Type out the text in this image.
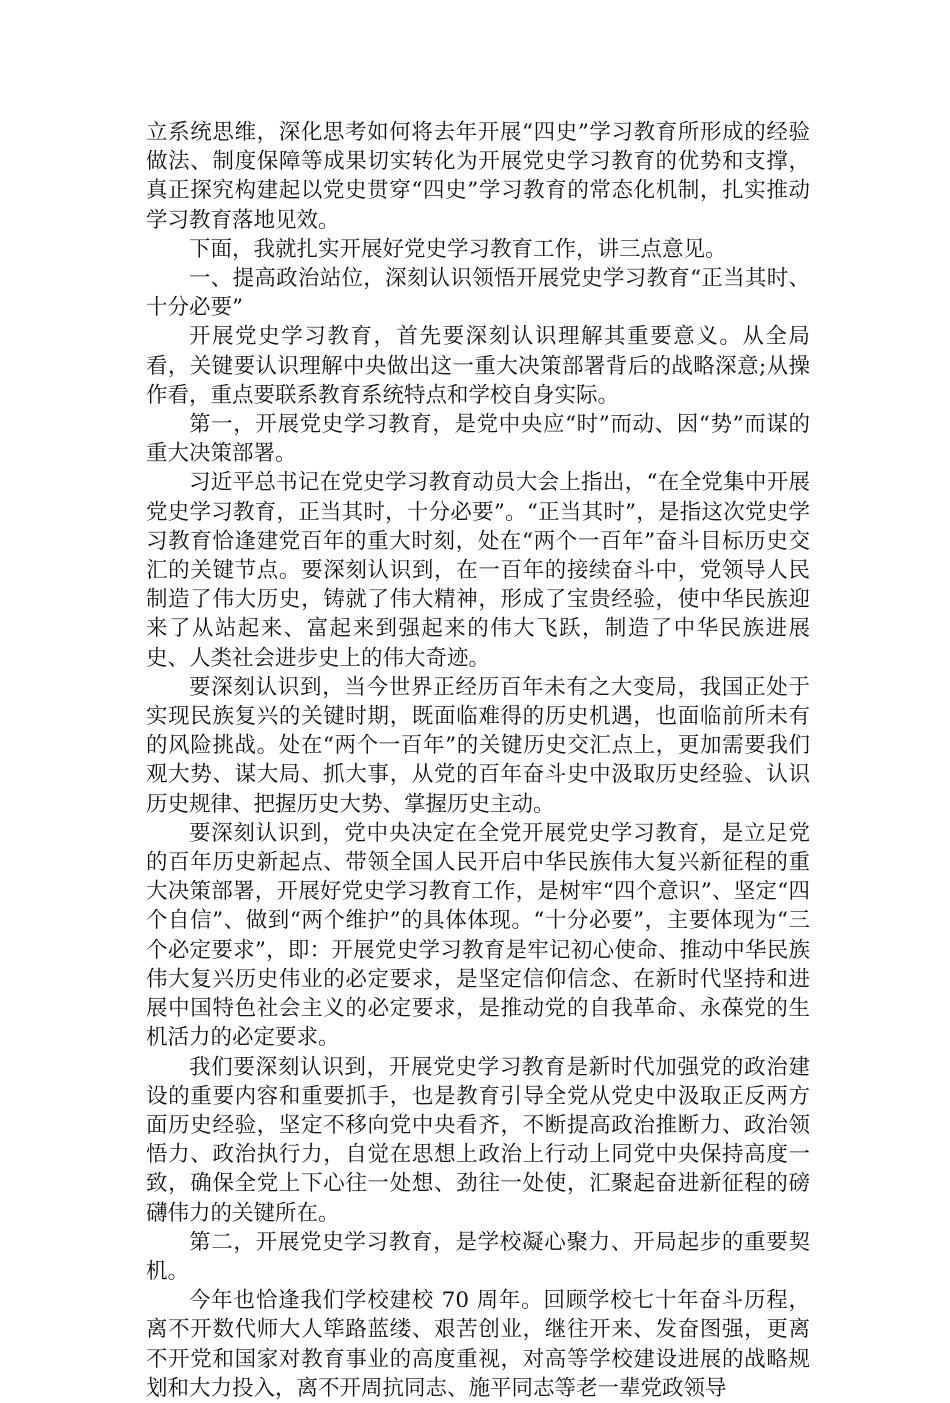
立系统思维，深化思考如何将去年开展“四史”学习教育所形成的经验做法、制度保障等成果切实转化为开展党史学习教育的优势和支撑，真正探究构建起以党史贯穿“四史”学习教育的常态化机制，扎实推动学习教育落地见效。

下面，我就扎实开展好党史学习教育工作，讲三点意见。

一、提高政治站位，深刻认识领悟开展党史学习教育“正当其时、十分必要”

开展党史学习教育，首先要深刻认识理解其重要意义。从全局看，关键要认识理解中央做出这一重大决策部署背后的战略深意;从操作看，重点要联系教育系统特点和学校自身实际。

第一，开展党史学习教育，是党中央应“时”而动、因“势”而谋的重大决策部署。

习近平总书记在党史学习教育动员大会上指出，“在全党集中开展党史学习教育，正当其时，十分必要”。“正当其时”，是指这次党史学习教育恰逢建党百年的重大时刻，处在“两个一百年”奋斗目标历史交汇的关键节点。要深刻认识到，在一百年的接续奋斗中，党领导人民制造了伟大历史，铸就了伟大精神，形成了宝贵经验，使中华民族迎来了从站起来、富起来到强起来的伟大飞跃，制造了中华民族进展史、人类社会进步史上的伟大奇迹。

要深刻认识到，当今世界正经历百年未有之大变局，我国正处于实现民族复兴的关键时期，既面临难得的历史机遇，也面临前所未有的风险挑战。处在“两个一百年”的关键历史交汇点上，更加需要我们观大势、谋大局、抓大事，从党的百年奋斗史中汲取历史经验、认识历史规律、把握历史大势、掌握历史主动。

要深刻认识到，党中央决定在全党开展党史学习教育，是立足党的百年历史新起点、带领全国人民开启中华民族伟大复兴新征程的重大决策部署，开展好党史学习教育工作，是树牢“四个意识”、坚定“四个自信”、做到“两个维护”的具体体现。“十分必要”，主要体现为“三个必定要求”，即：开展党史学习教育是牢记初心使命、推动中华民族伟大复兴历史伟业的必定要求，是坚定信仰信念、在新时代坚持和进展中国特色社会主义的必定要求，是推动党的自我革命、永葆党的生机活力的必定要求。

我们要深刻认识到，开展党史学习教育是新时代加强党的政治建设的重要内容和重要抓手，也是教育引导全党从党史中汲取正反两方面历史经验，坚定不移向党中央看齐，不断提高政治推断力、政治领悟力、政治执行力，自觉在思想上政治上行动上同党中央保持高度一致，确保全党上下心往一处想、劲往一处使，汇聚起奋进新征程的磅礴伟力的关键所在。

第二，开展党史学习教育，是学校凝心聚力、开局起步的重要契机。

今年也恰逢我们学校建校 70 周年。回顾学校七十年奋斗历程，离不开数代师大人筚路蓝缕、艰苦创业，继往开来、发奋图强，更离不开党和国家对教育事业的高度重视，对高等学校建设进展的战略规划和大力投入，离不开周抗同志、施平同志等老一辈党政领导
